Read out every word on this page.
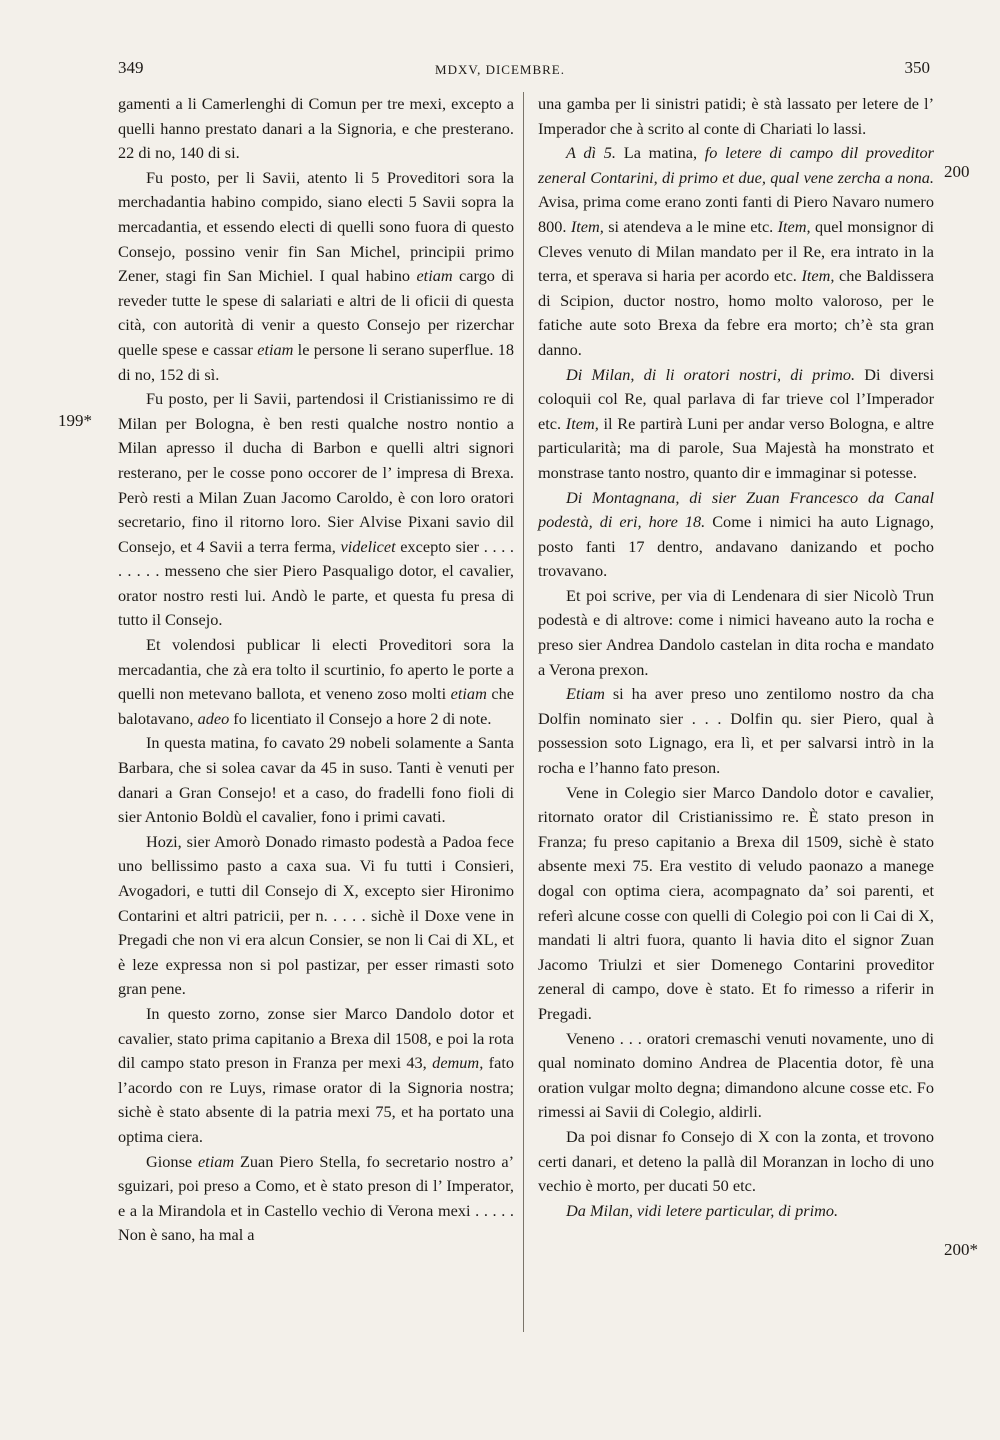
349	MDXV, DICEMBRE.	350
199*
200
200*

gamenti a li Camerlenghi di Comun per tre mexi, excepto a quelli hanno prestato danari a la Signoria, e che presterano. 22 di no, 140 di si.

Fu posto, per li Savii, atento li 5 Proveditori sora la merchadantia habino compido, siano electi 5 Savii sopra la mercadantia, et essendo electi di quelli sono fuora di questo Consejo, possino venir fin San Michel, principii primo Zener, stagi fin San Michiel. I qual habino etiam cargo di reveder tutte le spese di salariati e altri de li oficii di questa cità, con autorità di venir a questo Consejo per rizerchar quelle spese e cassar etiam le persone li serano superflue. 18 di no, 152 di sì.

Fu posto, per li Savii, partendosi il Cristianissimo re di Milan per Bologna, è ben resti qualche nostro nontio a Milan apresso il ducha di Barbon e quelli altri signori resterano, per le cosse pono occorer de l’ impresa di Brexa. Però resti a Milan Zuan Jacomo Caroldo, è con loro oratori secretario, fino il ritorno loro. Sier Alvise Pixani savio dil Consejo, et 4 Savii a terra ferma, videlicet excepto sier . . . . . . . . . messeno che sier Piero Pasqualigo dotor, el cavalier, orator nostro resti lui. Andò le parte, et questa fu presa di tutto il Consejo.

Et volendosi publicar li electi Proveditori sora la mercadantia, che zà era tolto il scurtinio, fo aperto le porte a quelli non metevano ballota, et veneno zoso molti etiam che balotavano, adeo fo licentiato il Consejo a hore 2 di note.

In questa matina, fo cavato 29 nobeli solamente a Santa Barbara, che si solea cavar da 45 in suso. Tanti è venuti per danari a Gran Consejo! et a caso, do fradelli fono fioli di sier Antonio Boldù el cavalier, fono i primi cavati.

Hozi, sier Amorò Donado rimasto podestà a Padoa fece uno bellissimo pasto a caxa sua. Vi fu tutti i Consieri, Avogadori, e tutti dil Consejo di X, excepto sier Hironimo Contarini et altri patricii, per n. . . . . sichè il Doxe vene in Pregadi che non vi era alcun Consier, se non li Cai di XL, et è leze expressa non si pol pastizar, per esser rimasti soto gran pene.

In questo zorno, zonse sier Marco Dandolo dotor et cavalier, stato prima capitanio a Brexa dil 1508, e poi la rota dil campo stato preson in Franza per mexi 43, demum, fato l’acordo con re Luys, rimase orator di la Signoria nostra; sichè è stato absente di la patria mexi 75, et ha portato una optima ciera.

Gionse etiam Zuan Piero Stella, fo secretario nostro a’ sguizari, poi preso a Como, et è stato preson di l’ Imperator, e a la Mirandola et in Castello vechio di Verona mexi . . . . . Non è sano, ha mal a

una gamba per li sinistri patidi; è stà lassato per letere de l’ Imperador che à scrito al conte di Chariati lo lassi.

A dì 5. La matina, fo letere di campo dil proveditor zeneral Contarini, di primo et due, qual vene zercha a nona. Avisa, prima come erano zonti fanti di Piero Navaro numero 800. Item, si atendeva a le mine etc. Item, quel monsignor di Cleves venuto di Milan mandato per il Re, era intrato in la terra, et sperava si haria per acordo etc. Item, che Baldissera di Scipion, ductor nostro, homo molto valoroso, per le fatiche aute soto Brexa da febre era morto; ch’è sta gran danno.

Di Milan, di li oratori nostri, di primo. Di diversi coloquii col Re, qual parlava di far trieve col l’Imperador etc. Item, il Re partirà Luni per andar verso Bologna, e altre particularità; ma di parole, Sua Majestà ha monstrato et monstrase tanto nostro, quanto dir e immaginar si potesse.

Di Montagnana, di sier Zuan Francesco da Canal podestà, di eri, hore 18. Come i nimici ha auto Lignago, posto fanti 17 dentro, andavano danizando et pocho trovavano.

Et poi scrive, per via di Lendenara di sier Nicolò Trun podestà e di altrove: come i nimici haveano auto la rocha e preso sier Andrea Dandolo castelan in dita rocha e mandato a Verona prexon.

Etiam si ha aver preso uno zentilomo nostro da cha Dolfin nominato sier . . . Dolfin qu. sier Piero, qual à possession soto Lignago, era lì, et per salvarsi intrò in la rocha e l’hanno fato preson.

Vene in Colegio sier Marco Dandolo dotor e cavalier, ritornato orator dil Cristianissimo re. È stato preson in Franza; fu preso capitanio a Brexa dil 1509, sichè è stato absente mexi 75. Era vestito di veludo paonazo a manege dogal con optima ciera, acompagnato da’ soi parenti, et referì alcune cosse con quelli di Colegio poi con li Cai di X, mandati li altri fuora, quanto li havia dito el signor Zuan Jacomo Triulzi et sier Domenego Contarini proveditor zeneral di campo, dove è stato. Et fo rimesso a riferir in Pregadi.

Veneno . . . oratori cremaschi venuti novamente, uno di qual nominato domino Andrea de Placentia dotor, fè una oration vulgar molto degna; dimandono alcune cosse etc. Fo rimessi ai Savii di Colegio, aldirli.

Da poi disnar fo Consejo di X con la zonta, et trovono certi danari, et deteno la pallà dil Moranzan in locho di uno vechio è morto, per ducati 50 etc.

Da Milan, vidi letere particular, di primo.
